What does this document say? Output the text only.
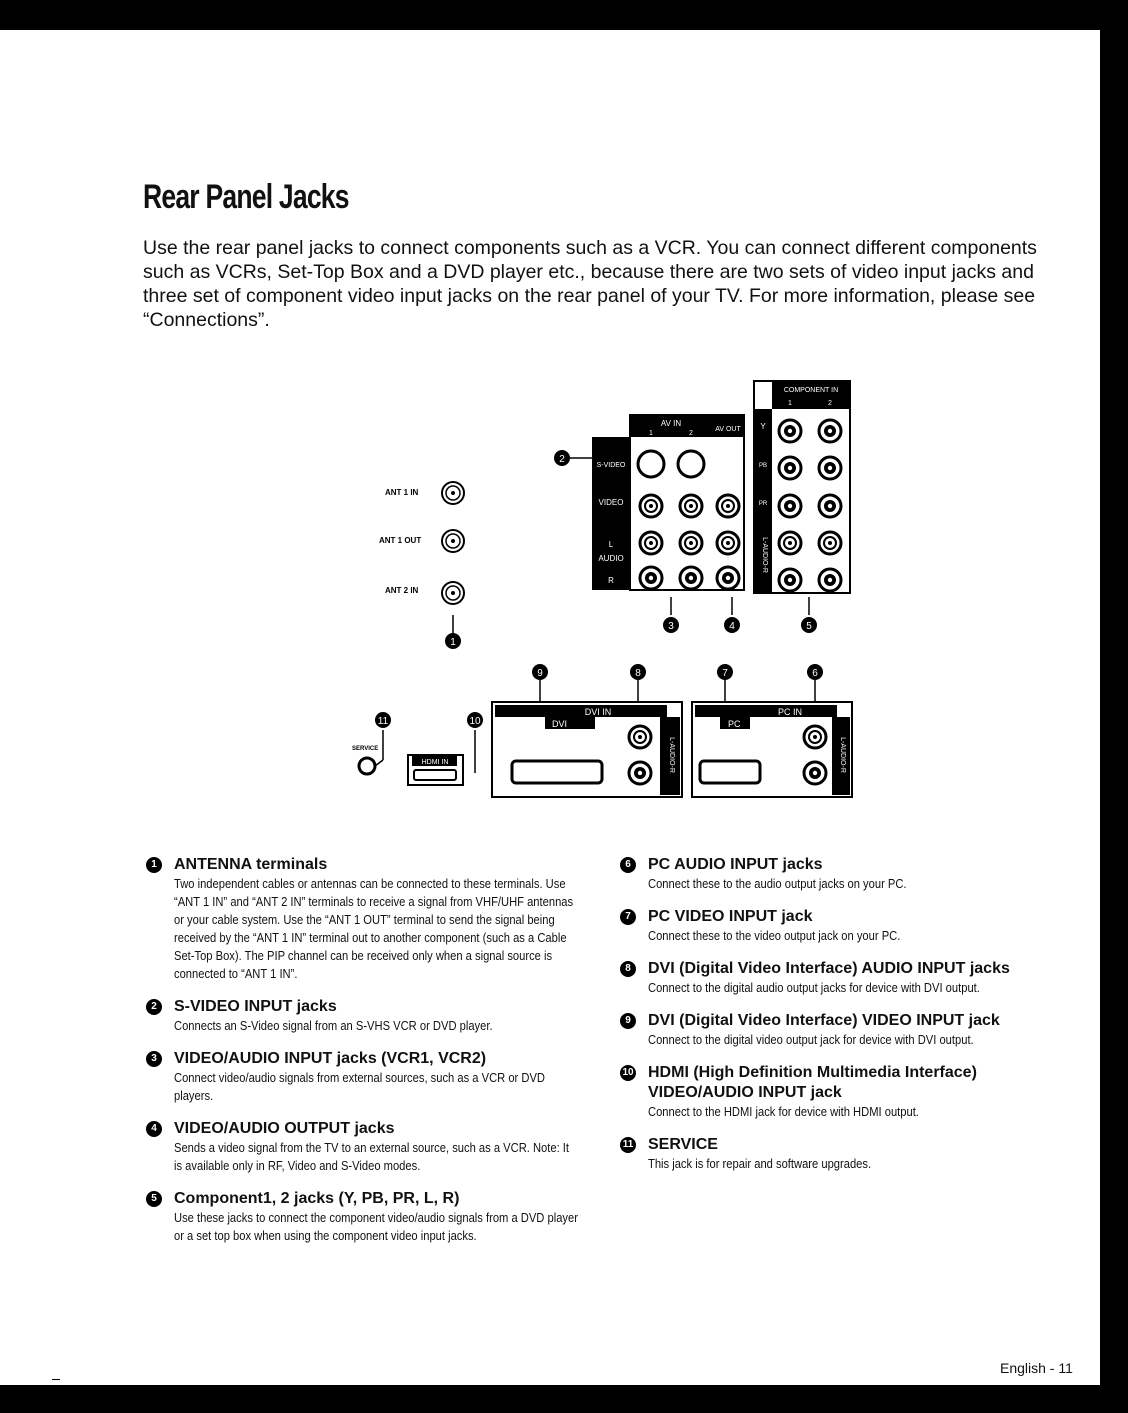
Rear Panel Jacks
Use the rear panel jacks to connect components such as a VCR. You can connect different components such as VCRs, Set-Top Box and a DVD player etc., because there are two sets of video input jacks and three set of component video input jacks on the rear panel of your TV. For more information, please see “Connections”.
ANT 1 IN
ANT 1 OUT
ANT 2 IN
1
AV IN
1	2
AV OUT
S-VIDEO
VIDEO
AUDIO
L
R
2
3	4
COMPONENT IN
1	2
Y
PB
PR
L-AUDIO-R
5
9	8	7	6
DVI IN
DVI
L-AUDIO-R
PC IN
PC
L-AUDIO-R
11	10
SERVICE
HDMI IN
1	ANTENNA terminals
Two independent cables or antennas can be connected to these terminals. Use “ANT 1 IN” and “ANT 2 IN” terminals to receive a signal from VHF/UHF antennas or your cable system. Use the “ANT 1 OUT” terminal to send the signal being received by the “ANT 1 IN” terminal out to another component (such as a Cable Set-Top Box). The PIP channel can be received only when a signal source is connected to “ANT 1 IN”.
2	S-VIDEO INPUT jacks
Connects an S-Video signal from an S-VHS VCR or DVD player.
3	VIDEO/AUDIO INPUT jacks (VCR1, VCR2)
Connect video/audio signals from external sources, such as a VCR or DVD players.
4	VIDEO/AUDIO OUTPUT jacks
Sends a video signal from the TV to an external source, such as a VCR. Note: It is available only in RF, Video and S-Video modes.
5	Component1, 2 jacks (Y, PB, PR, L, R)
Use these jacks to connect the component video/audio signals from a DVD player or a set top box when using the component video input jacks.
6	PC AUDIO INPUT jacks
Connect these to the audio output jacks on your PC.
7	PC VIDEO INPUT jack
Connect these to the video output jack on your PC.
8	DVI (Digital Video Interface) AUDIO INPUT jacks
Connect to the digital audio output jacks for device with DVI output.
9	DVI (Digital Video Interface) VIDEO INPUT jack
Connect to the digital video output jack for device with DVI output.
10 HDMI (High Definition Multimedia Interface) VIDEO/AUDIO INPUT jack
Connect to the HDMI jack for device with HDMI output.
11 SERVICE
This jack is for repair and software upgrades.
English - 11
